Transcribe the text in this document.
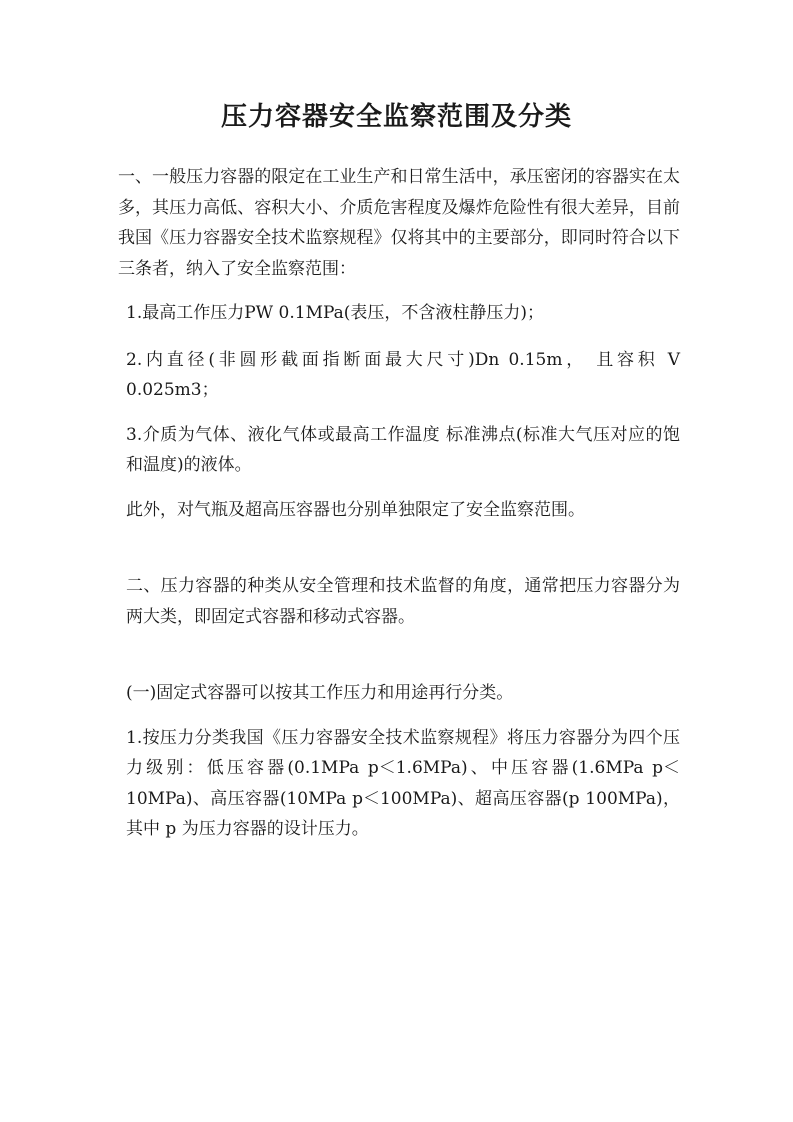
压力容器安全监察范围及分类

一、一般压力容器的限定在工业生产和日常生活中，承压密闭的容器实在太多，其压力高低、容积大小、介质危害程度及爆炸危险性有很大差异，目前我国《压力容器安全技术监察规程》仅将其中的主要部分，即同时符合以下三条者，纳入了安全监察范围：

1.最高工作压力PW 0.1MPa(表压，不含液柱静压力)；

2.内直径(非圆形截面指断面最大尺寸)Dn 0.15m， 且容积 V 0.025m3；

3.介质为气体、液化气体或最高工作温度 标准沸点(标准大气压对应的饱和温度)的液体。

此外，对气瓶及超高压容器也分别单独限定了安全监察范围。

二、压力容器的种类从安全管理和技术监督的角度，通常把压力容器分为两大类，即固定式容器和移动式容器。

(一)固定式容器可以按其工作压力和用途再行分类。

1.按压力分类我国《压力容器安全技术监察规程》将压力容器分为四个压力级别：低压容器(0.1MPa p＜1.6MPa)、中压容器(1.6MPa p＜10MPa)、高压容器(10MPa p＜100MPa)、超高压容器(p 100MPa)，其中 p 为压力容器的设计压力。
